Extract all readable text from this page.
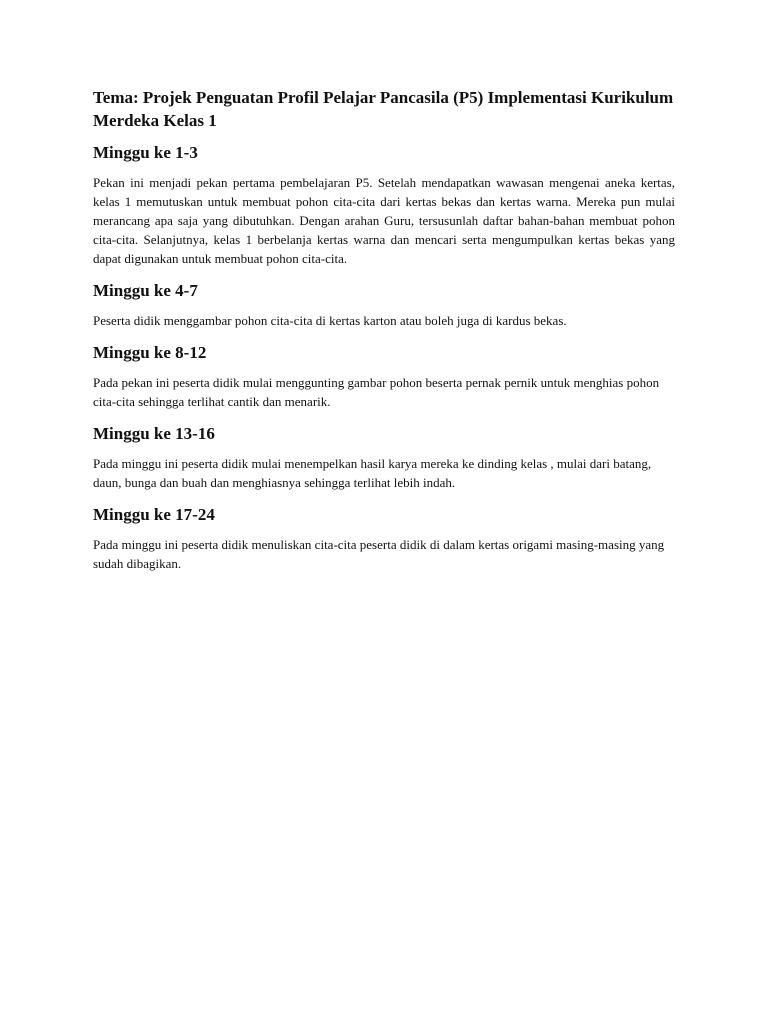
Tema: Projek Penguatan Profil Pelajar Pancasila (P5) Implementasi Kurikulum Merdeka Kelas 1
Minggu ke 1-3

Pekan ini menjadi pekan pertama pembelajaran P5. Setelah mendapatkan wawasan mengenai aneka kertas, kelas 1 memutuskan untuk membuat pohon cita-cita dari kertas bekas dan kertas warna. Mereka pun mulai merancang apa saja yang dibutuhkan. Dengan arahan Guru, tersusunlah daftar bahan-bahan membuat pohon cita-cita. Selanjutnya, kelas 1 berbelanja kertas warna dan mencari serta mengumpulkan kertas bekas yang dapat digunakan untuk membuat pohon cita-cita.

Minggu ke 4-7

Peserta didik menggambar pohon cita-cita di kertas karton atau boleh juga di kardus bekas.

Minggu ke 8-12

Pada pekan ini peserta didik mulai menggunting gambar pohon beserta pernak pernik untuk menghias pohon cita-cita sehingga terlihat cantik dan menarik.

Minggu ke 13-16

Pada minggu ini peserta didik mulai menempelkan hasil karya mereka ke dinding kelas , mulai dari batang, daun, bunga dan buah dan menghiasnya sehingga terlihat lebih indah.

Minggu ke 17-24

Pada minggu ini peserta didik menuliskan cita-cita peserta didik di dalam kertas origami masing-masing yang sudah dibagikan.
